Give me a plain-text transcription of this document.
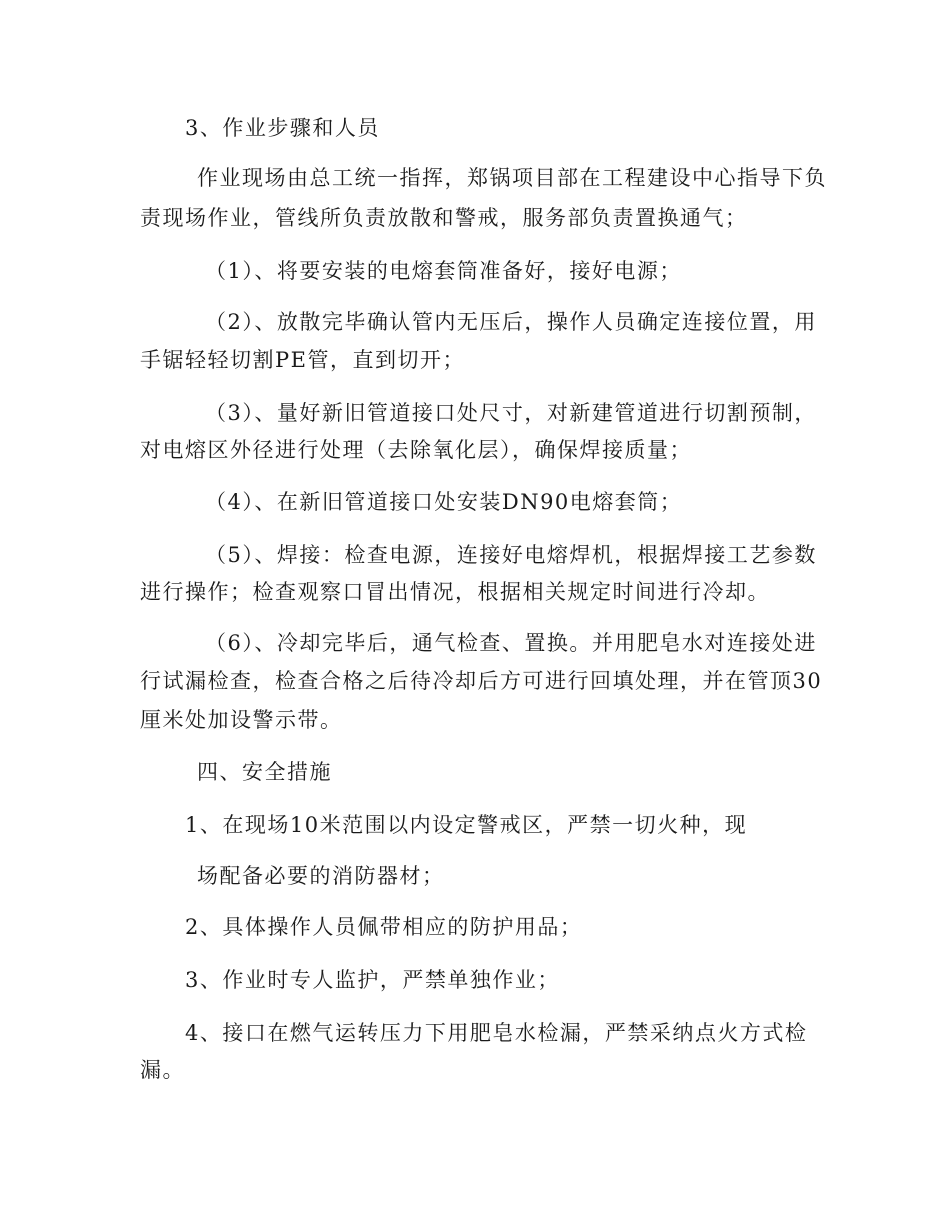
3、作业步骤和人员
作业现场由总工统一指挥，郑锅项目部在工程建设中心指导下负
责现场作业，管线所负责放散和警戒，服务部负责置换通气；
（1）、将要安装的电熔套筒准备好，接好电源；
（2）、放散完毕确认管内无压后，操作人员确定连接位置，用
手锯轻轻切割PE管，直到切开；
（3）、量好新旧管道接口处尺寸，对新建管道进行切割预制，
对电熔区外径进行处理（去除氧化层），确保焊接质量；
（4）、在新旧管道接口处安装DN90电熔套筒；
（5）、焊接：检查电源，连接好电熔焊机，根据焊接工艺参数
进行操作；检查观察口冒出情况，根据相关规定时间进行冷却。
（6）、冷却完毕后，通气检查、置换。并用肥皂水对连接处进
行试漏检查，检查合格之后待冷却后方可进行回填处理，并在管顶30
厘米处加设警示带。
四、安全措施
1、在现场10米范围以内设定警戒区，严禁一切火种，现
场配备必要的消防器材；
2、具体操作人员佩带相应的防护用品；
3、作业时专人监护，严禁单独作业；
4、接口在燃气运转压力下用肥皂水检漏，严禁采纳点火方式检
漏。
